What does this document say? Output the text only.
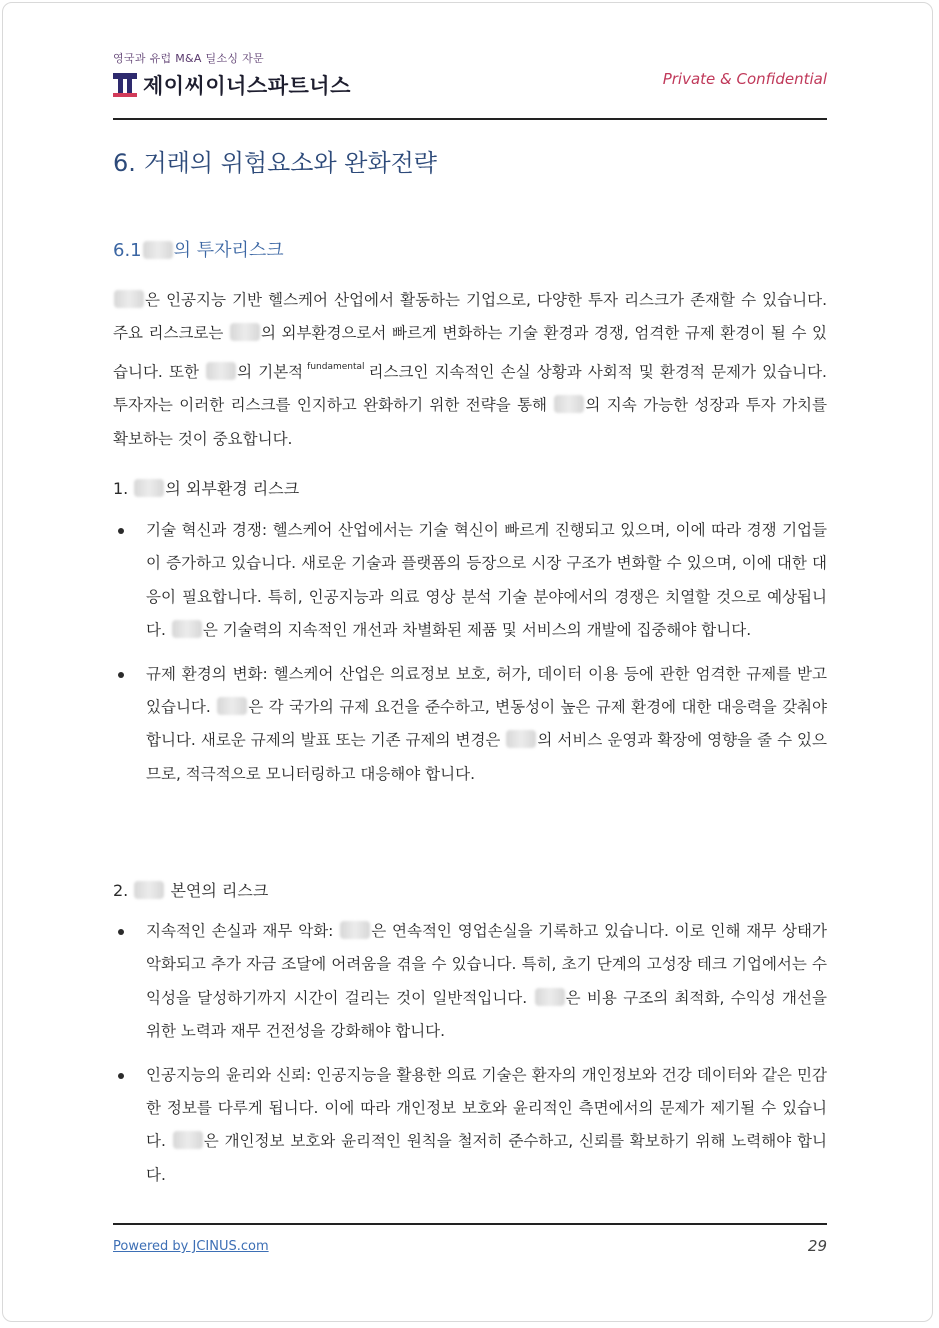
영국과 유럽 M&A 딜소싱 자문
제이씨이너스파트너스	Private & Confidential
6. 거래의 위험요소와 완화전략
6.1 의 투자리스크
은 인공지능 기반 헬스케어 산업에서 활동하는 기업으로, 다양한 투자 리스크가 존재할 수 있습니다. 주요 리스크로는 의 외부환경으로서 빠르게 변화하는 기술 환경과 경쟁, 엄격한 규제 환경이 될 수 있습니다. 또한 의 기본적 $^{fundamental}$ 리스크인 지속적인 손실 상황과 사회적 및 환경적 문제가 있습니다. 투자자는 이러한 리스크를 인지하고 완화하기 위한 전략을 통해 의 지속 가능한 성장과 투자 가치를 확보하는 것이 중요합니다.
1. 의 외부환경 리스크
기술 혁신과 경쟁: 헬스케어 산업에서는 기술 혁신이 빠르게 진행되고 있으며, 이에 따라 경쟁 기업들이 증가하고 있습니다. 새로운 기술과 플랫폼의 등장으로 시장 구조가 변화할 수 있으며, 이에 대한 대응이 필요합니다. 특히, 인공지능과 의료 영상 분석 기술 분야에서의 경쟁은 치열할 것으로 예상됩니다. 은 기술력의 지속적인 개선과 차별화된 제품 및 서비스의 개발에 집중해야 합니다.
규제 환경의 변화: 헬스케어 산업은 의료정보 보호, 허가, 데이터 이용 등에 관한 엄격한 규제를 받고 있습니다. 은 각 국가의 규제 요건을 준수하고, 변동성이 높은 규제 환경에 대한 대응력을 갖춰야 합니다. 새로운 규제의 발표 또는 기존 규제의 변경은 의 서비스 운영과 확장에 영향을 줄 수 있으므로, 적극적으로 모니터링하고 대응해야 합니다.
2.	본연의 리스크
지속적인 손실과 재무 악화: 은 연속적인 영업손실을 기록하고 있습니다. 이로 인해 재무 상태가 악화되고 추가 자금 조달에 어려움을 겪을 수 있습니다. 특히, 초기 단계의 고성장 테크 기업에서는 수익성을 달성하기까지 시간이 걸리는 것이 일반적입니다. 은 비용 구조의 최적화, 수익성 개선을 위한 노력과 재무 건전성을 강화해야 합니다.
인공지능의 윤리와 신뢰: 인공지능을 활용한 의료 기술은 환자의 개인정보와 건강 데이터와 같은 민감한 정보를 다루게 됩니다. 이에 따라 개인정보 보호와 윤리적인 측면에서의 문제가 제기될 수 있습니다. 은 개인정보 보호와 윤리적인 원칙을 철저히 준수하고, 신뢰를 확보하기 위해 노력해야 합니다.
Powered by JCINUS.com	29
